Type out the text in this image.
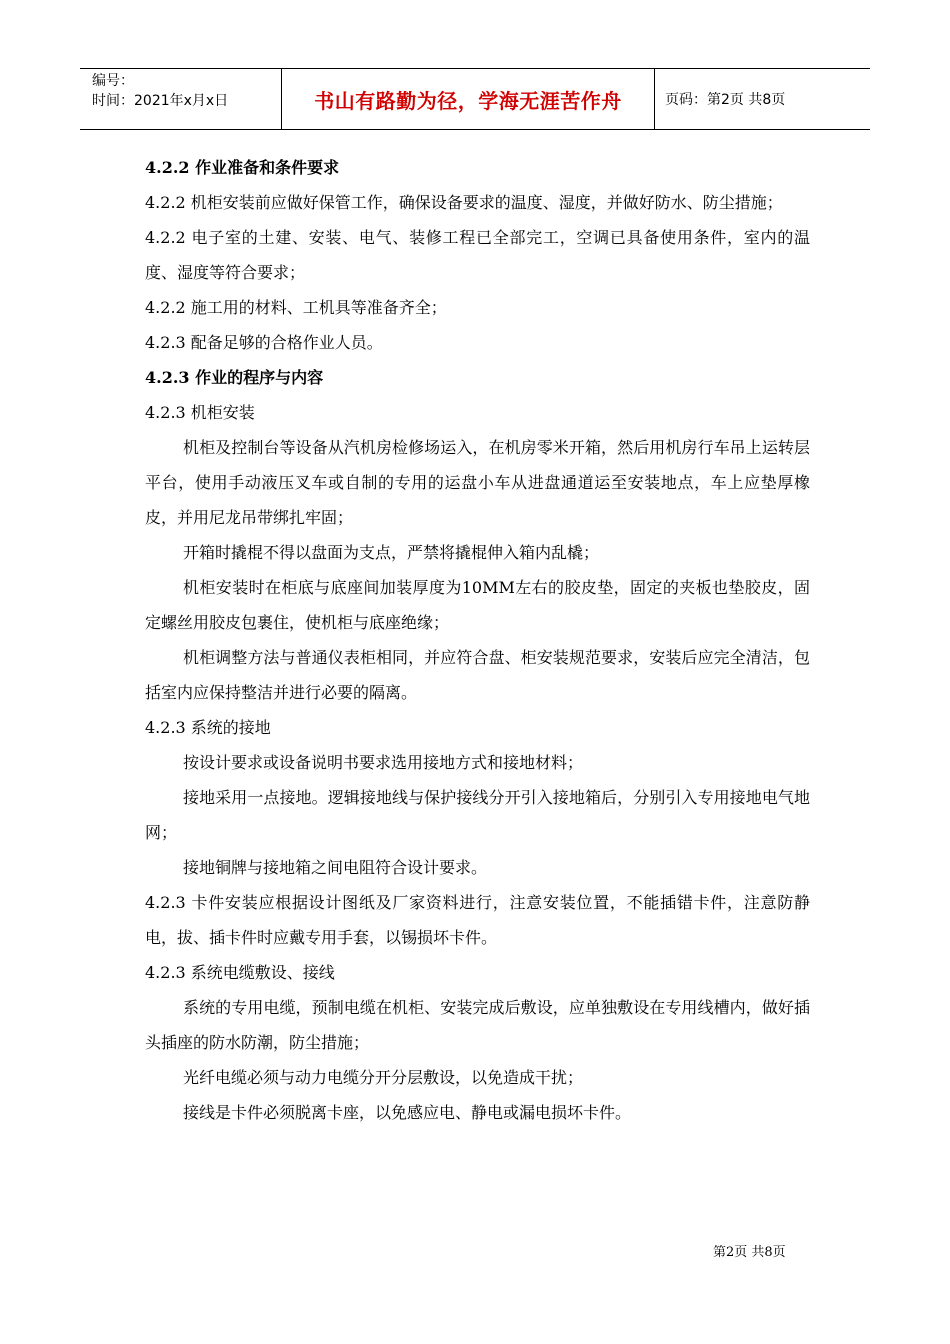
编号：
时间：2021年x月x日	书山有路勤为径，学海无涯苦作舟	页码：第2页 共8页

4.2.2 作业准备和条件要求

4.2.2 机柜安装前应做好保管工作，确保设备要求的温度、湿度，并做好防水、防尘措施；

4.2.2 电子室的土建、安装、电气、装修工程已全部完工，空调已具备使用条件，室内的温度、湿度等符合要求；

4.2.2 施工用的材料、工机具等准备齐全；

4.2.3 配备足够的合格作业人员。

4.2.3 作业的程序与内容

4.2.3 机柜安装

机柜及控制台等设备从汽机房检修场运入，在机房零米开箱，然后用机房行车吊上运转层平台，使用手动液压叉车或自制的专用的运盘小车从进盘通道运至安装地点，车上应垫厚橡皮，并用尼龙吊带绑扎牢固；

开箱时撬棍不得以盘面为支点，严禁将撬棍伸入箱内乱橇；

机柜安装时在柜底与底座间加装厚度为10MM左右的胶皮垫，固定的夹板也垫胶皮，固定螺丝用胶皮包裹住，使机柜与底座绝缘；

机柜调整方法与普通仪表柜相同，并应符合盘、柜安装规范要求，安装后应完全清洁，包括室内应保持整洁并进行必要的隔离。

4.2.3 系统的接地

按设计要求或设备说明书要求选用接地方式和接地材料；

接地采用一点接地。逻辑接地线与保护接线分开引入接地箱后，分别引入专用接地电气地网；

接地铜牌与接地箱之间电阻符合设计要求。

4.2.3 卡件安装应根据设计图纸及厂家资料进行，注意安装位置，不能插错卡件，注意防静电，拔、插卡件时应戴专用手套，以锡损坏卡件。

4.2.3 系统电缆敷设、接线

系统的专用电缆，预制电缆在机柜、安装完成后敷设，应单独敷设在专用线槽内，做好插头插座的防水防潮，防尘措施；

光纤电缆必须与动力电缆分开分层敷设，以免造成干扰；

接线是卡件必须脱离卡座，以免感应电、静电或漏电损坏卡件。

第2页 共8页
